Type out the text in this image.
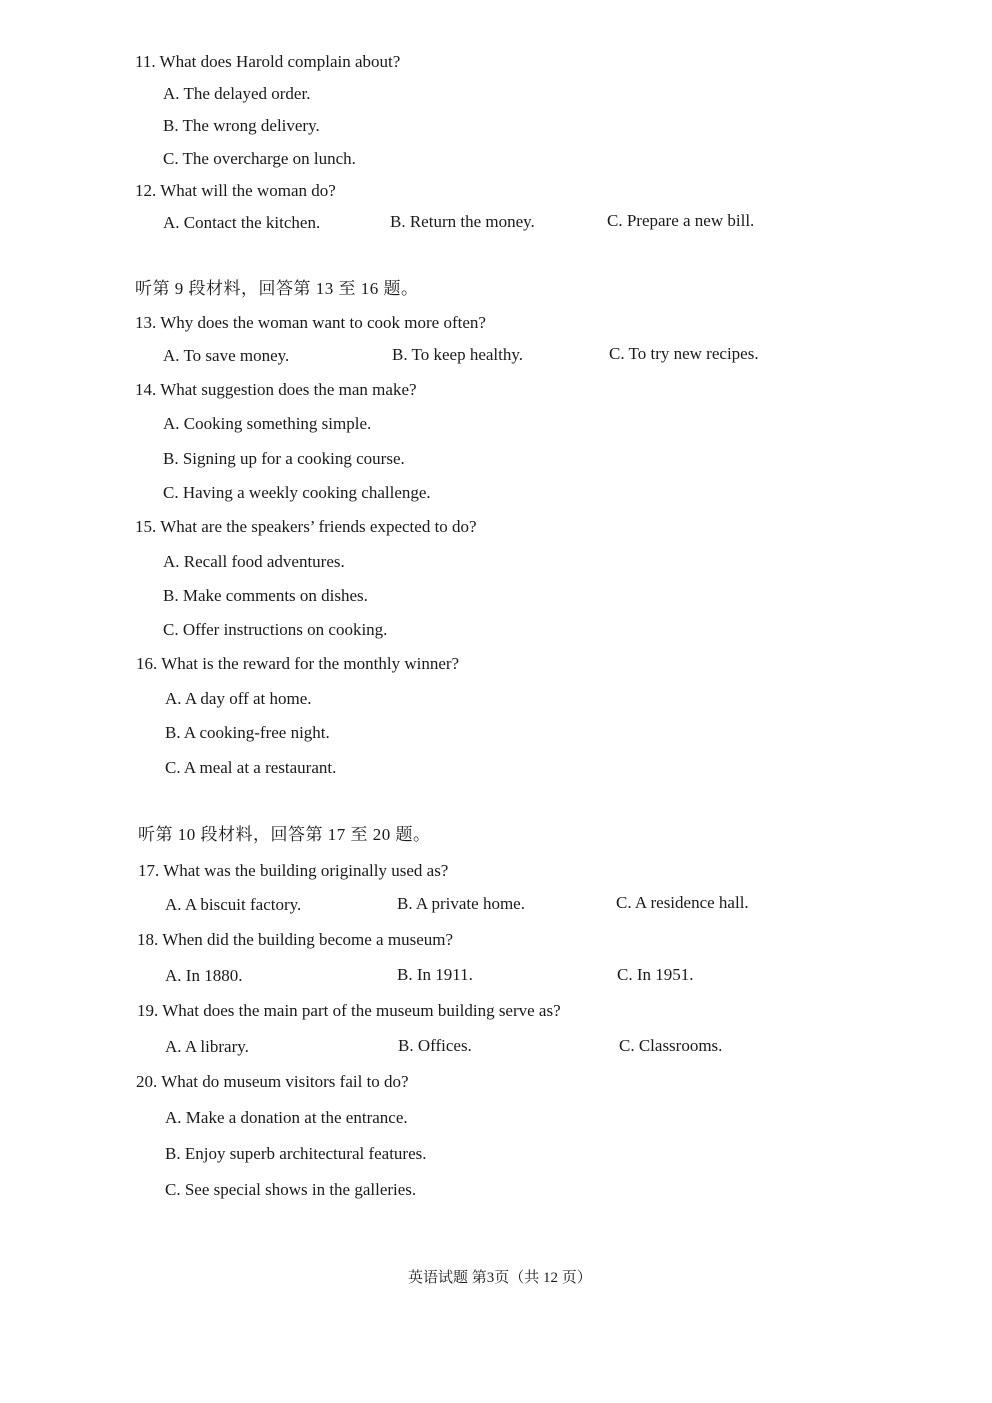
11. What does Harold complain about?
A. The delayed order.
B. The wrong delivery.
C. The overcharge on lunch.
12. What will the woman do?
A. Contact the kitchen.	B. Return the money.	C. Prepare a new bill.
听第 9 段材料，回答第 13 至 16 题。
13. Why does the woman want to cook more often?
A. To save money.	B. To keep healthy.	C. To try new recipes.
14. What suggestion does the man make?
A. Cooking something simple.
B. Signing up for a cooking course.
C. Having a weekly cooking challenge.
15. What are the speakers’ friends expected to do?
A. Recall food adventures.
B. Make comments on dishes.
C. Offer instructions on cooking.
16. What is the reward for the monthly winner?
A. A day off at home.
B. A cooking-free night.
C. A meal at a restaurant.
听第 10 段材料，回答第 17 至 20 题。
17. What was the building originally used as?
A. A biscuit factory.	B. A private home.	C. A residence hall.
18. When did the building become a museum?
A. In 1880.	B. In 1911.	C. In 1951.
19. What does the main part of the museum building serve as?
A. A library.	B. Offices.	C. Classrooms.
20. What do museum visitors fail to do?
A. Make a donation at the entrance.
B. Enjoy superb architectural features.
C. See special shows in the galleries.
英语试题 第3页（共 12 页）
